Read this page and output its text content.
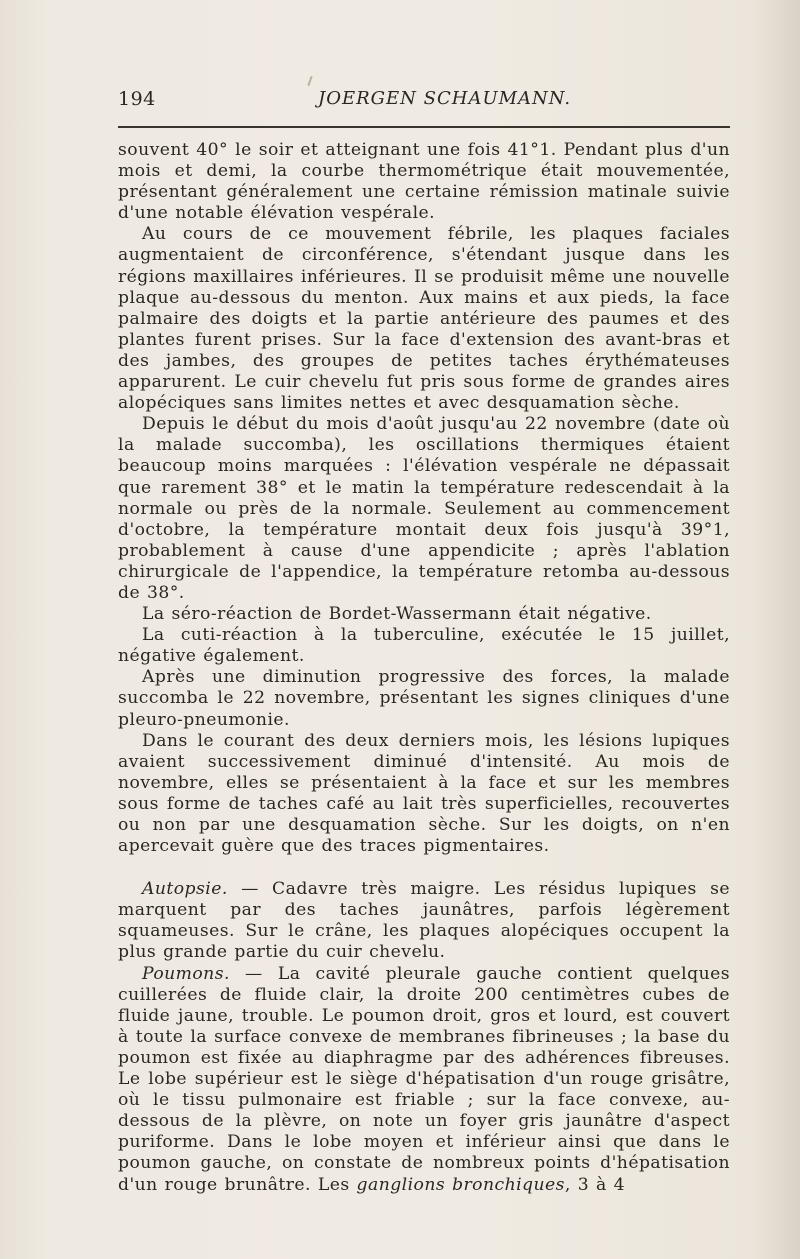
194	JOERGEN SCHAUMANN.

souvent 40° le soir et atteignant une fois 41°1. Pendant plus d'un mois et demi, la courbe thermométrique était mouvementée, présentant généralement une certaine rémission matinale suivie d'une notable élévation vespérale.

Au cours de ce mouvement fébrile, les plaques faciales augmentaient de circonférence, s'étendant jusque dans les régions maxillaires inférieures. Il se produisit même une nouvelle plaque au-dessous du menton. Aux mains et aux pieds, la face palmaire des doigts et la partie antérieure des paumes et des plantes furent prises. Sur la face d'extension des avant-bras et des jambes, des groupes de petites taches érythémateuses apparurent. Le cuir chevelu fut pris sous forme de grandes aires alopéciques sans limites nettes et avec desquamation sèche.

Depuis le début du mois d'août jusqu'au 22 novembre (date où la malade succomba), les oscillations thermiques étaient beaucoup moins marquées : l'élévation vespérale ne dépassait que rarement 38° et le matin la température redescendait à la normale ou près de la normale. Seulement au commencement d'octobre, la température montait deux fois jusqu'à 39°1, probablement à cause d'une appendicite ; après l'ablation chirurgicale de l'appendice, la température retomba au-dessous de 38°.

La séro-réaction de Bordet-Wassermann était négative.

La cuti-réaction à la tuberculine, exécutée le 15 juillet, négative également.

Après une diminution progressive des forces, la malade succomba le 22 novembre, présentant les signes cliniques d'une pleuro-pneumonie.

Dans le courant des deux derniers mois, les lésions lupiques avaient successivement diminué d'intensité. Au mois de novembre, elles se présentaient à la face et sur les membres sous forme de taches café au lait très superficielles, recouvertes ou non par une desquamation sèche. Sur les doigts, on n'en apercevait guère que des traces pigmentaires.

Autopsie. — Cadavre très maigre. Les résidus lupiques se marquent par des taches jaunâtres, parfois légèrement squameuses. Sur le crâne, les plaques alopéciques occupent la plus grande partie du cuir chevelu.

Poumons. — La cavité pleurale gauche contient quelques cuillerées de fluide clair, la droite 200 centimètres cubes de fluide jaune, trouble. Le poumon droit, gros et lourd, est couvert à toute la surface convexe de membranes fibrineuses ; la base du poumon est fixée au diaphragme par des adhérences fibreuses. Le lobe supérieur est le siège d'hépatisation d'un rouge grisâtre, où le tissu pulmonaire est friable ; sur la face convexe, au-dessous de la plèvre, on note un foyer gris jaunâtre d'aspect puriforme. Dans le lobe moyen et inférieur ainsi que dans le poumon gauche, on constate de nombreux points d'hépatisation d'un rouge brunâtre. Les ganglions bronchiques, 3 à 4
